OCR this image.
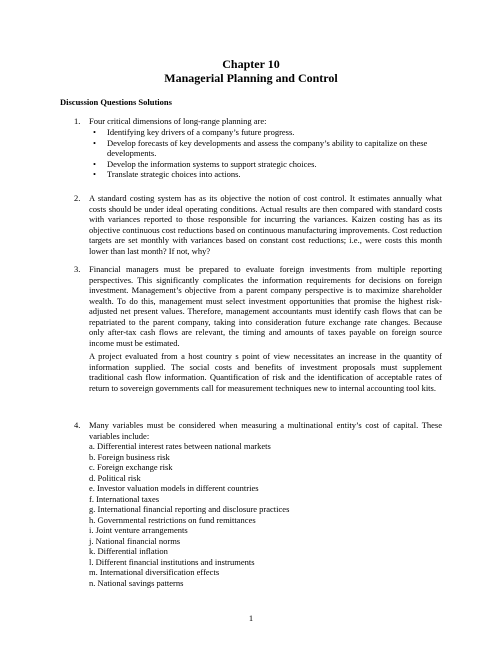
Chapter 10
Managerial Planning and Control
Discussion Questions Solutions
1. Four critical dimensions of long-range planning are:

• Identifying key drivers of a company’s future progress.
• Develop forecasts of key developments and assess the company’s ability to capitalize on these developments.
• Develop the information systems to support strategic choices.
• Translate strategic choices into actions.
2. A standard costing system has as its objective the notion of cost control. It estimates annually what costs should be under ideal operating conditions. Actual results are then compared with standard costs with variances reported to those responsible for incurring the variances. Kaizen costing has as its objective continuous cost reductions based on continuous manufacturing improvements. Cost reduction targets are set monthly with variances based on constant cost reductions; i.e., were costs this month lower than last month? If not, why?

3. Financial managers must be prepared to evaluate foreign investments from multiple reporting perspectives. This significantly complicates the information requirements for decisions on foreign investment. Management’s objective from a parent company perspective is to maximize shareholder wealth. To do this, management must select investment opportunities that promise the highest risk-adjusted net present values. Therefore, management accountants must identify cash flows that can be repatriated to the parent company, taking into consideration future exchange rate changes. Because only after-tax cash flows are relevant, the timing and amounts of taxes payable on foreign source income must be estimated.

A project evaluated from a host country s point of view necessitates an increase in the quantity of information supplied. The social costs and benefits of investment proposals must supplement traditional cash flow information. Quantification of risk and the identification of acceptable rates of return to sovereign governments call for measurement techniques new to internal accounting tool kits.

4. Many variables must be considered when measuring a multinational entity’s cost of capital. These variables include:

a. Differential interest rates between national markets
b. Foreign business risk
c. Foreign exchange risk
d. Political risk
e. Investor valuation models in different countries
f. International taxes
g. International financial reporting and disclosure practices
h. Governmental restrictions on fund remittances
i. Joint venture arrangements
j. National financial norms
k. Differential inflation
l. Different financial institutions and instruments
m. International diversification effects
n. National savings patterns
1
